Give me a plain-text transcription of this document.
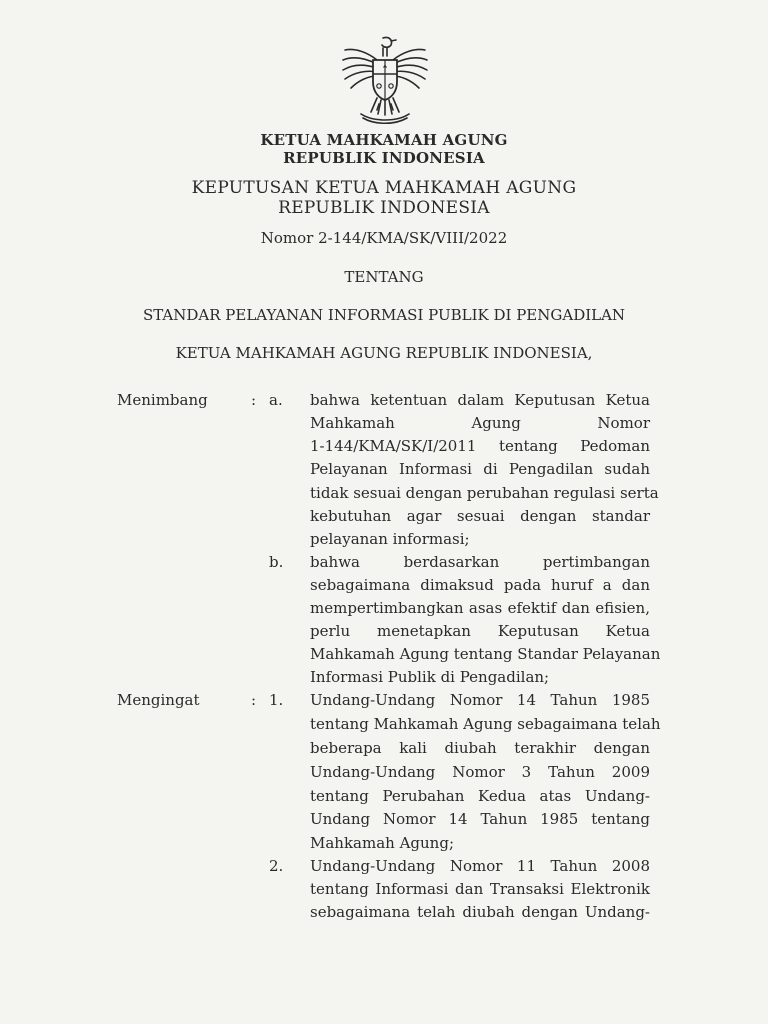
KETUA MAHKAMAH AGUNG
REPUBLIK INDONESIA
KEPUTUSAN KETUA MAHKAMAH AGUNG
REPUBLIK INDONESIA
Nomor 2-144/KMA/SK/VIII/2022
TENTANG
STANDAR PELAYANAN INFORMASI PUBLIK DI PENGADILAN
KETUA MAHKAMAH AGUNG REPUBLIK INDONESIA,
Menimbang	: a. bahwa ketentuan dalam Keputusan Ketua
Mahkamah Agung Nomor
1-144/KMA/SK/I/2011 tentang Pedoman
Pelayanan Informasi di Pengadilan sudah
tidak sesuai dengan perubahan regulasi serta
kebutuhan agar sesuai dengan standar
pelayanan informasi;
b. bahwa berdasarkan pertimbangan
sebagaimana dimaksud pada huruf a dan
mempertimbangkan asas efektif dan efisien,
perlu menetapkan Keputusan Ketua
Mahkamah Agung tentang Standar Pelayanan
Informasi Publik di Pengadilan;
Mengingat	: 1. Undang-Undang Nomor 14 Tahun 1985
tentang Mahkamah Agung sebagaimana telah
beberapa kali diubah terakhir dengan
Undang-Undang Nomor 3 Tahun 2009
tentang Perubahan Kedua atas Undang-
Undang Nomor 14 Tahun 1985 tentang
Mahkamah Agung;
2. Undang-Undang Nomor 11 Tahun 2008
tentang Informasi dan Transaksi Elektronik
sebagaimana telah diubah dengan Undang-
